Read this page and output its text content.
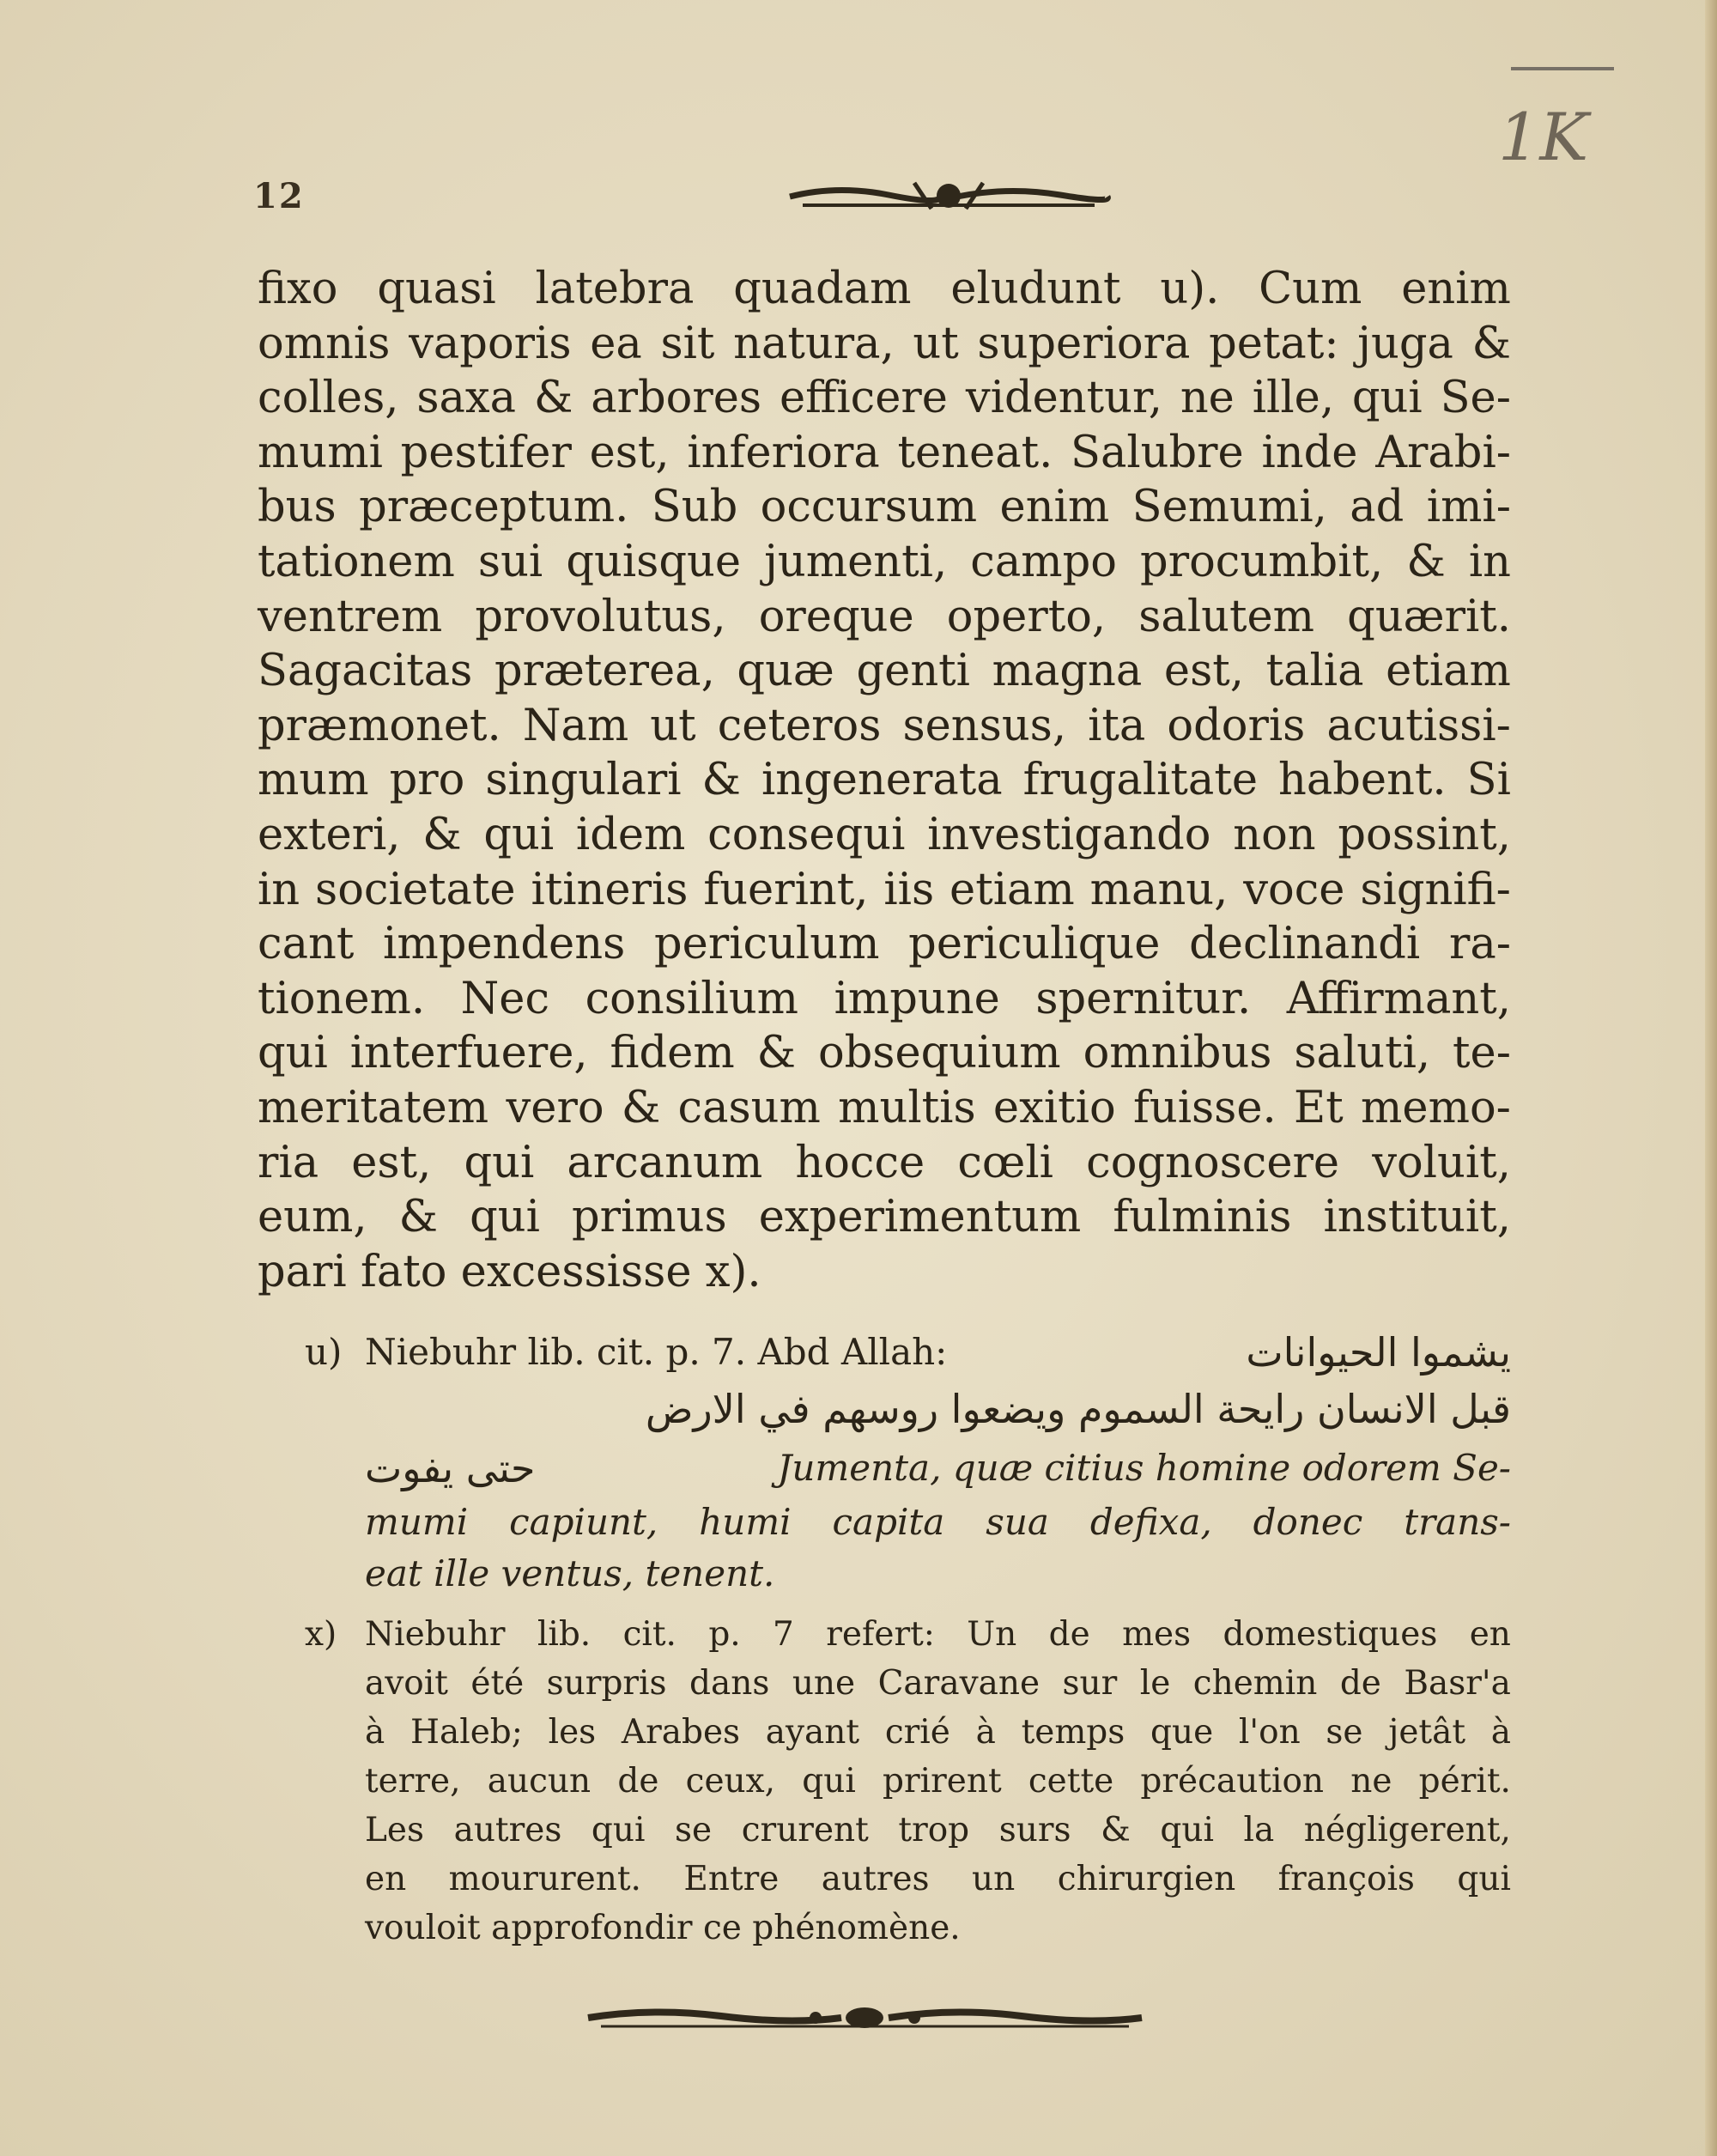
1K
12
fixo quasi latebra quadam eludunt u). Cum enim
omnis vaporis ea sit natura, ut superiora petat: juga &
colles, saxa & arbores efficere videntur, ne ille, qui Se-
mumi pestifer est, inferiora teneat. Salubre inde Arabi-
bus præceptum. Sub occursum enim Semumi, ad imi-
tationem sui quisque jumenti, campo procumbit, & in
ventrem provolutus, oreque operto, salutem quærit.
Sagacitas præterea, quæ genti magna est, talia etiam
præmonet. Nam ut ceteros sensus, ita odoris acutissi-
mum pro singulari & ingenerata frugalitate habent. Si
exteri, & qui idem consequi investigando non possint,
in societate itineris fuerint, iis etiam manu, voce signifi-
cant impendens periculum periculique declinandi ra-
tionem. Nec consilium impune spernitur. Affirmant,
qui interfuere, fidem & obsequium omnibus saluti, te-
meritatem vero & casum multis exitio fuisse. Et memo-
ria est, qui arcanum hocce cœli cognoscere voluit,
eum, & qui primus experimentum fulminis instituit,
pari fato excessisse x).
u) Niebuhr lib. cit. p. 7. Abd Allah:	يشموا الحيوانات
قبل الانسان رايحة السموم ويضعوا روسهم في الارض
حتى يفوت	Jumenta, quæ citius homine odorem Se-
mumi capiunt, humi capita sua defixa, donec trans-
eat ille ventus, tenent.
x) Niebuhr lib. cit. p. 7 refert: Un de mes domestiques en
avoit été surpris dans une Caravane sur le chemin de Basr'a
à Haleb; les Arabes ayant crié à temps que l'on se jetât à
terre, aucun de ceux, qui prirent cette précaution ne périt.
Les autres qui se crurent trop surs & qui la négligerent,
en moururent. Entre autres un chirurgien françois qui
vouloit approfondir ce phénomène.
